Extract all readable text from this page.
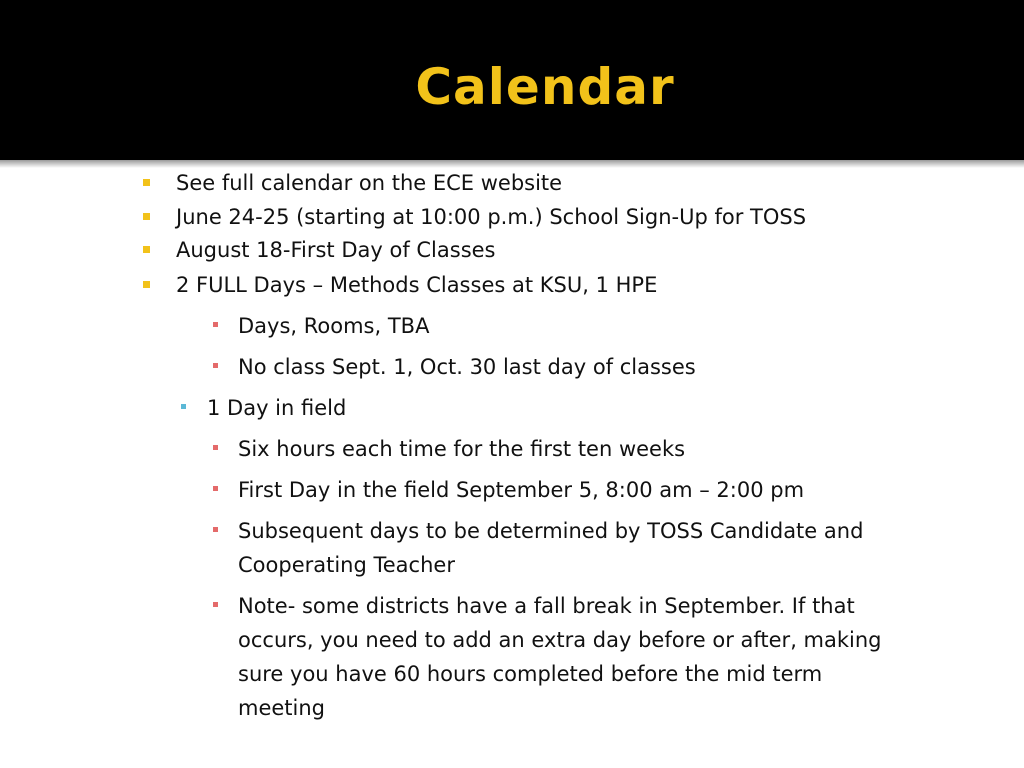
Calendar
See full calendar on the ECE website
June 24-25 (starting at 10:00 p.m.) School Sign-Up for TOSS
August 18-First Day of Classes
2 FULL Days – Methods Classes at KSU, 1 HPE
Days, Rooms, TBA
No class Sept. 1, Oct. 30 last day of classes
1 Day in field
Six hours each time for the first ten weeks
First Day in the field September 5, 8:00 am – 2:00 pm
Subsequent days to be determined by TOSS Candidate and
Cooperating Teacher
Note- some districts have a fall break in September. If that
occurs, you need to add an extra day before or after, making
sure you have 60 hours completed before the mid term
meeting
